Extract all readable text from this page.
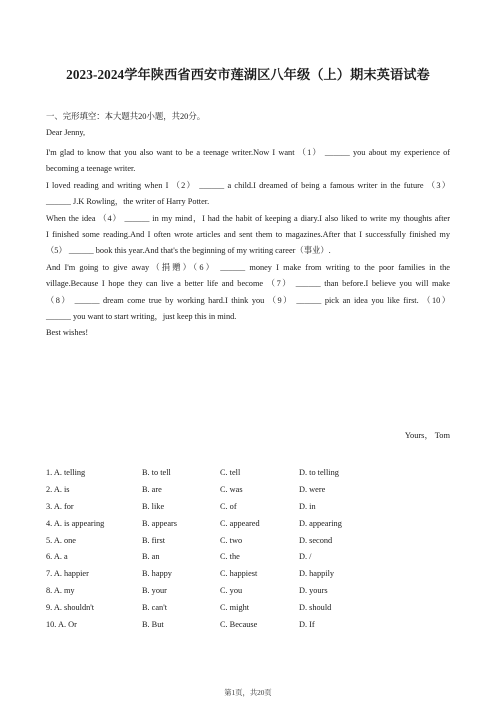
2023-2024学年陕西省西安市莲湖区八年级（上）期末英语试卷
一、完形填空：本大题共20小题，共20分。
Dear Jenny,
I'm glad to know that you also want to be a teenage writer.Now I want （1） ______ you about my experience of
becoming a teenage writer.
I loved reading and writing when I （2） ______ a child.I dreamed of being a famous writer in the future （3）
______ J.K Rowling，the writer of Harry Potter.
When the idea （4） ______ in my mind，I had the habit of keeping a diary.I also liked to write my thoughts after
I finished some reading.And I often wrote articles and sent them to magazines.After that I successfully finished my
（5） ______ book this year.And that's the beginning of my writing career（事业）.
And I'm going to give away（捐赠）（6） ______ money I make from writing to the poor families in the
village.Because I hope they can live a better life and become （7） ______ than before.I believe you will make
（8） ______ dream come true by working hard.I think you （9） ______ pick an idea you like first. （10）
______ you want to start writing，just keep this in mind.
Best wishes!
Yours， Tom
1. A. telling	B. to tell	C. tell	D. to telling
2. A. is	B. are	C. was	D. were
3. A. for	B. like	C. of	D. in
4. A. is appearing	B. appears	C. appeared	D. appearing
5. A. one	B. first	C. two	D. second
6. A. a	B. an	C. the	D. /
7. A. happier	B. happy	C. happiest	D. happily
8. A. my	B. your	C. you	D. yours
9. A. shouldn't	B. can't	C. might	D. should
10. A. Or	B. But	C. Because	D. If
第1页，共20页
